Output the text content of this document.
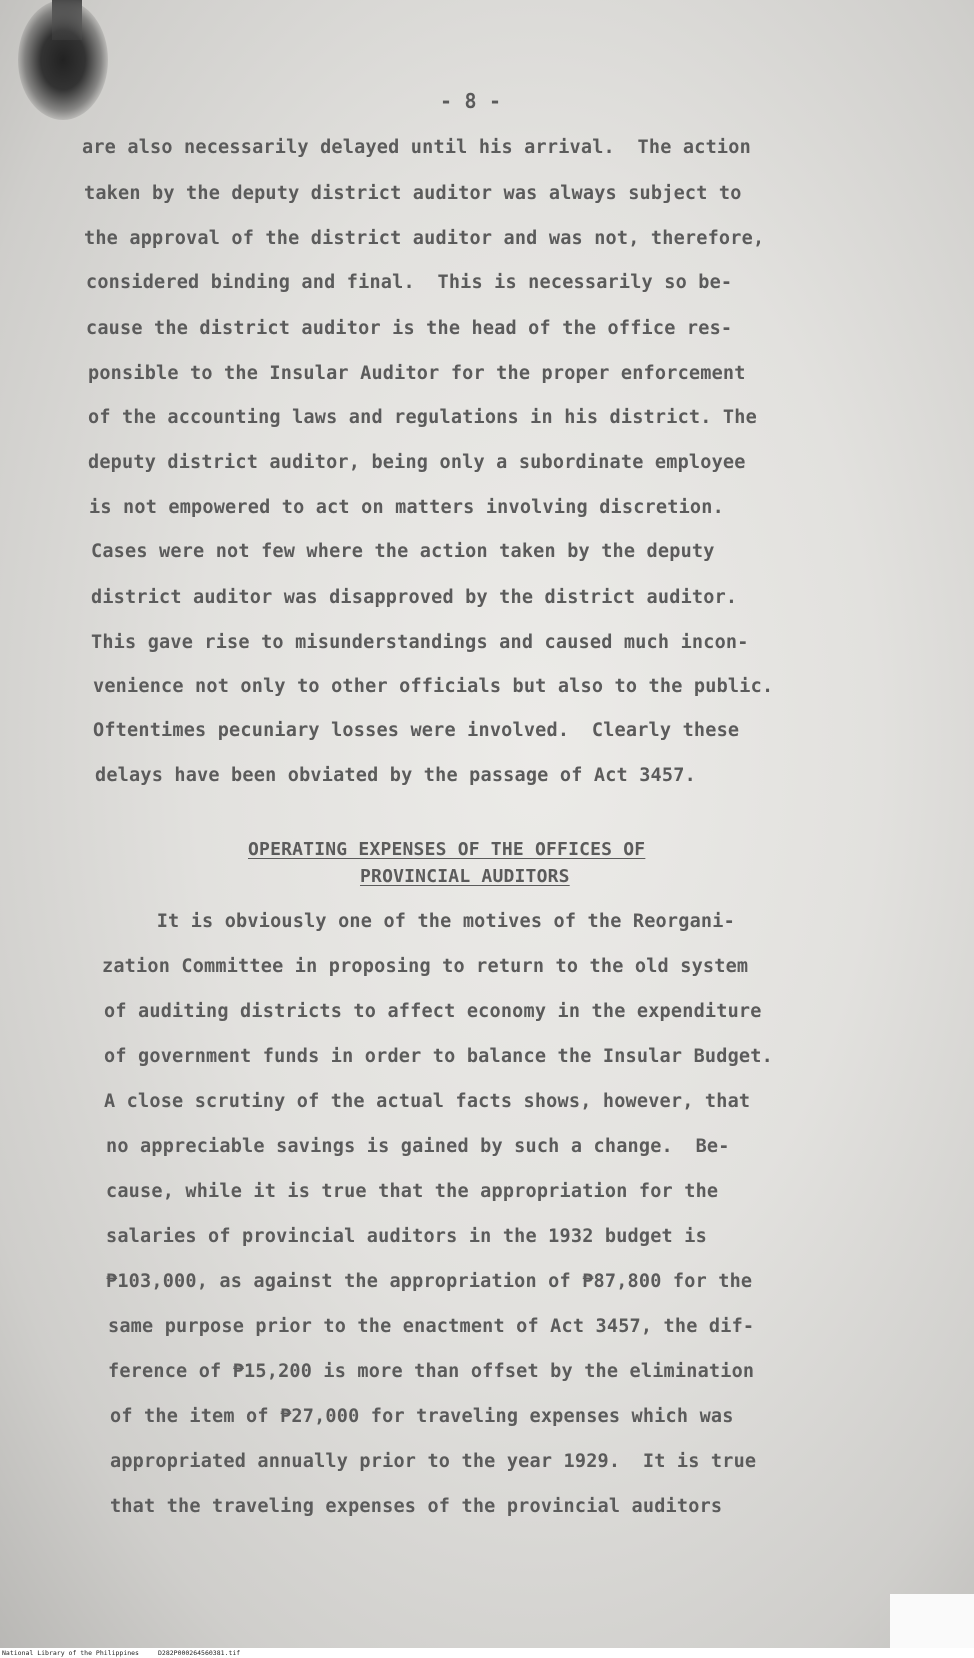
- 8 -
are also necessarily delayed until his arrival.  The action
taken by the deputy district auditor was always subject to
the approval of the district auditor and was not, therefore,
considered binding and final.  This is necessarily so be-
cause the district auditor is the head of the office res-
ponsible to the Insular Auditor for the proper enforcement
of the accounting laws and regulations in his district. The
deputy district auditor, being only a subordinate employee
is not empowered to act on matters involving discretion.
Cases were not few where the action taken by the deputy
district auditor was disapproved by the district auditor.
This gave rise to misunderstandings and caused much incon-
venience not only to other officials but also to the public.
Oftentimes pecuniary losses were involved.  Clearly these
delays have been obviated by the passage of Act 3457.
OPERATING EXPENSES OF THE OFFICES OF
PROVINCIAL AUDITORS
It is obviously one of the motives of the Reorgani-
zation Committee in proposing to return to the old system
of auditing districts to affect economy in the expenditure
of government funds in order to balance the Insular Budget.
A close scrutiny of the actual facts shows, however, that
no appreciable savings is gained by such a change.  Be-
cause, while it is true that the appropriation for the
salaries of provincial auditors in the 1932 budget is
₱103,000, as against the appropriation of ₱87,800 for the
same purpose prior to the enactment of Act 3457, the dif-
ference of ₱15,200 is more than offset by the elimination
of the item of ₱27,000 for traveling expenses which was
appropriated annually prior to the year 1929.  It is true
that the traveling expenses of the provincial auditors
National Library of the Philippines	D282P000264560381.tif
